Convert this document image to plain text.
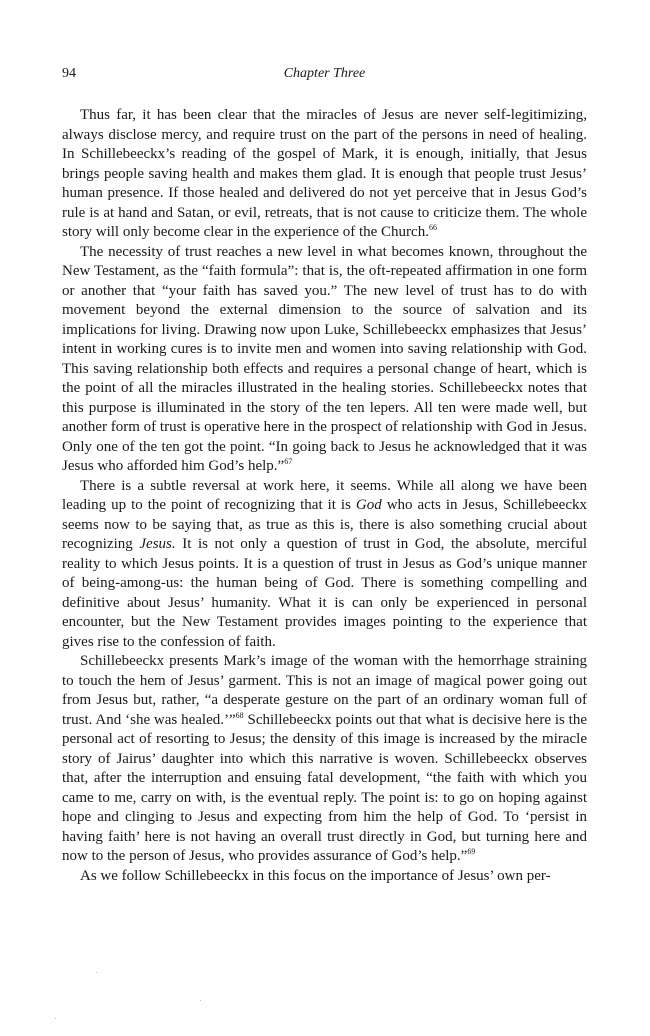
94	Chapter Three

Thus far, it has been clear that the miracles of Jesus are never self-legitimizing, always disclose mercy, and require trust on the part of the persons in need of healing. In Schillebeeckx’s reading of the gospel of Mark, it is enough, initially, that Jesus brings people saving health and makes them glad. It is enough that people trust Jesus’ human presence. If those healed and delivered do not yet perceive that in Jesus God’s rule is at hand and Satan, or evil, retreats, that is not cause to criticize them. The whole story will only become clear in the experience of the Church.$^{66}$

The necessity of trust reaches a new level in what becomes known, throughout the New Testament, as the “faith formula”: that is, the oft-repeated affirmation in one form or another that “your faith has saved you.” The new level of trust has to do with movement beyond the external dimension to the source of salvation and its implications for living. Drawing now upon Luke, Schillebeeckx emphasizes that Jesus’ intent in working cures is to invite men and women into saving relationship with God. This saving relationship both effects and requires a personal change of heart, which is the point of all the miracles illustrated in the healing stories. Schillebeeckx notes that this purpose is illuminated in the story of the ten lepers. All ten were made well, but another form of trust is operative here in the prospect of relationship with God in Jesus. Only one of the ten got the point. “In going back to Jesus he acknowledged that it was Jesus who afforded him God’s help.”$^{67}$

There is a subtle reversal at work here, it seems. While all along we have been leading up to the point of recognizing that it is God who acts in Jesus, Schillebeeckx seems now to be saying that, as true as this is, there is also something crucial about recognizing Jesus. It is not only a question of trust in God, the absolute, merciful reality to which Jesus points. It is a question of trust in Jesus as God’s unique manner of being-among-us: the human being of God. There is something compelling and definitive about Jesus’ humanity. What it is can only be experienced in personal encounter, but the New Testament provides images pointing to the experience that gives rise to the confession of faith.

Schillebeeckx presents Mark’s image of the woman with the hemorrhage straining to touch the hem of Jesus’ garment. This is not an image of magical power going out from Jesus but, rather, “a desperate gesture on the part of an ordinary woman full of trust. And ‘she was healed.’”$^{68}$ Schillebeeckx points out that what is decisive here is the personal act of resorting to Jesus; the density of this image is increased by the miracle story of Jairus’ daughter into which this narrative is woven. Schillebeeckx observes that, after the interruption and ensuing fatal development, “the faith with which you came to me, carry on with, is the eventual reply. The point is: to go on hoping against hope and clinging to Jesus and expecting from him the help of God. To ‘persist in having faith’ here is not having an overall trust directly in God, but turning here and now to the person of Jesus, who provides assurance of God’s help.”$^{69}$

As we follow Schillebeeckx in this focus on the importance of Jesus’ own per-
